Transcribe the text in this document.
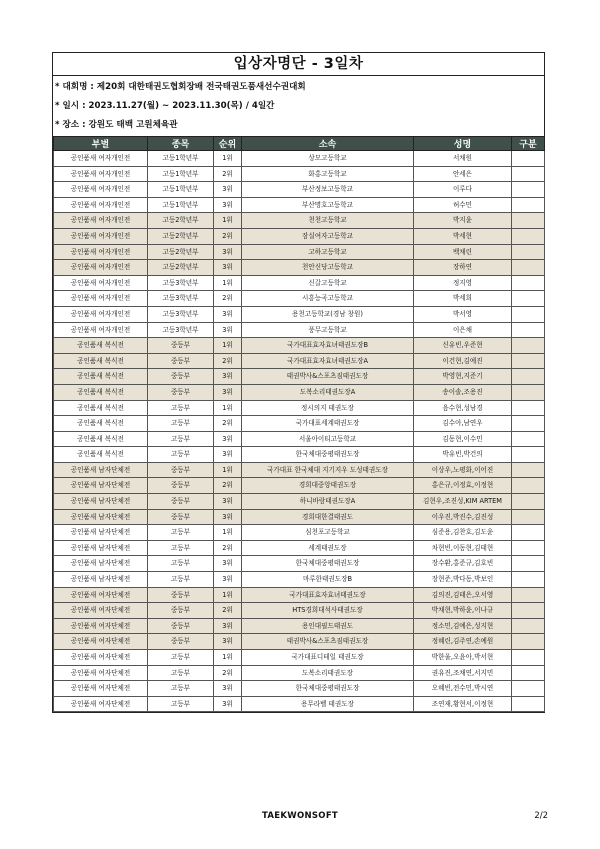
입상자명단 - 3일차
* 대회명 : 제20회 대한태권도협회장배 전국태권도품새선수권대회
* 일시 : 2023.11.27(월) ~ 2023.11.30(목) / 4일간
* 장소 : 강원도 태백 고원체육관
부별	종목	순위	소속	성명	구분
공인품새 여자개인전	고등1학년부	1위	상모고등학교	서채원	
공인품새 여자개인전	고등1학년부	2위	화홍고등학교	안세은	
공인품새 여자개인전	고등1학년부	3위	부산정보고등학교	이루다	
공인품새 여자개인전	고등1학년부	3위	부산명호고등학교	허수민	
공인품새 여자개인전	고등2학년부	1위	천천고등학교	박지윤	
공인품새 여자개인전	고등2학년부	2위	잠실여자고등학교	박세현	
공인품새 여자개인전	고등2학년부	3위	고하고등학교	백채린	
공인품새 여자개인전	고등2학년부	3위	천안신당고등학교	장하연	
공인품새 여자개인전	고등3학년부	1위	신갈고등학교	정지영	
공인품새 여자개인전	고등3학년부	2위	시흥능곡고등학교	박세희	
공인품새 여자개인전	고등3학년부	3위	용천고등학교(경남 창원)	박서영	
공인품새 여자개인전	고등3학년부	3위	풍무고등학교	이은채	
공인품새 복식전	중등부	1위	국가대표효자효녀태권도장B	신유빈,우준현	
공인품새 복식전	중등부	2위	국가대표효자효녀태권도장A	이건현,김예진	
공인품새 복식전	중등부	3위	태권박사&스포츠짐태권도장	박영현,지준기	
공인품새 복식전	중등부	3위	도복소리태권도장A	송이솔,조용진	
공인품새 복식전	고등부	1위	정시의지 태권도장	음수현,성남경	
공인품새 복식전	고등부	2위	국가대표세계태권도장	김수아,남연우	
공인품새 복식전	고등부	3위	서울아이티고등학교	김동현,이수민	
공인품새 복식전	고등부	3위	한국체대중평태권도장	박유빈,박건의	
공인품새 남자단체전	중등부	1위	국가대표 한국체대 지기지우 도성태권도장	이상우,노평화,이어진	
공인품새 남자단체전	중등부	2위	경희대중앙태권도장	홍은규,이정효,이정현	
공인품새 남자단체전	중등부	3위	하니바람태권도장A	김현우,조진성,KIM ARTEM	
공인품새 남자단체전	중등부	3위	경희대한결태권도	이우진,박진수,김진성	
공인품새 남자단체전	고등부	1위	심천포고등학교	심준용,김찬호,김도윤	
공인품새 남자단체전	고등부	2위	세계태권도장	차현빈,이동현,김태현	
공인품새 남자단체전	고등부	3위	한국체대중평태권도장	장수환,홍준규,김호빈	
공인품새 남자단체전	고등부	3위	마루한태권도장B	장현준,박다동,박보인	
공인품새 여자단체전	중등부	1위	국가대표효자효녀태권도장	김의진,김태은,오서영	
공인품새 여자단체전	중등부	2위	HTS경희대석사태권도장	박채현,박하윤,이나규	
공인품새 여자단체전	중등부	3위	용인대필드태권도	정소민,김예은,성지현	
공인품새 여자단체전	중등부	3위	태권박사&스포츠짐태권도장	정혜린,김주연,손예원	
공인품새 여자단체전	고등부	1위	국가대표디테일 태권도장	박한울,오윤아,박서현	
공인품새 여자단체전	고등부	2위	도복소리태권도장	권유진,조채연,서지민	
공인품새 여자단체전	고등부	3위	한국체대중평태권도장	오혜빈,전수민,박시연	
공인품새 여자단체전	고등부	3위	용무라벨 태권도장	조연재,황현서,이정현	
TAEKWONSOFT	2/2
